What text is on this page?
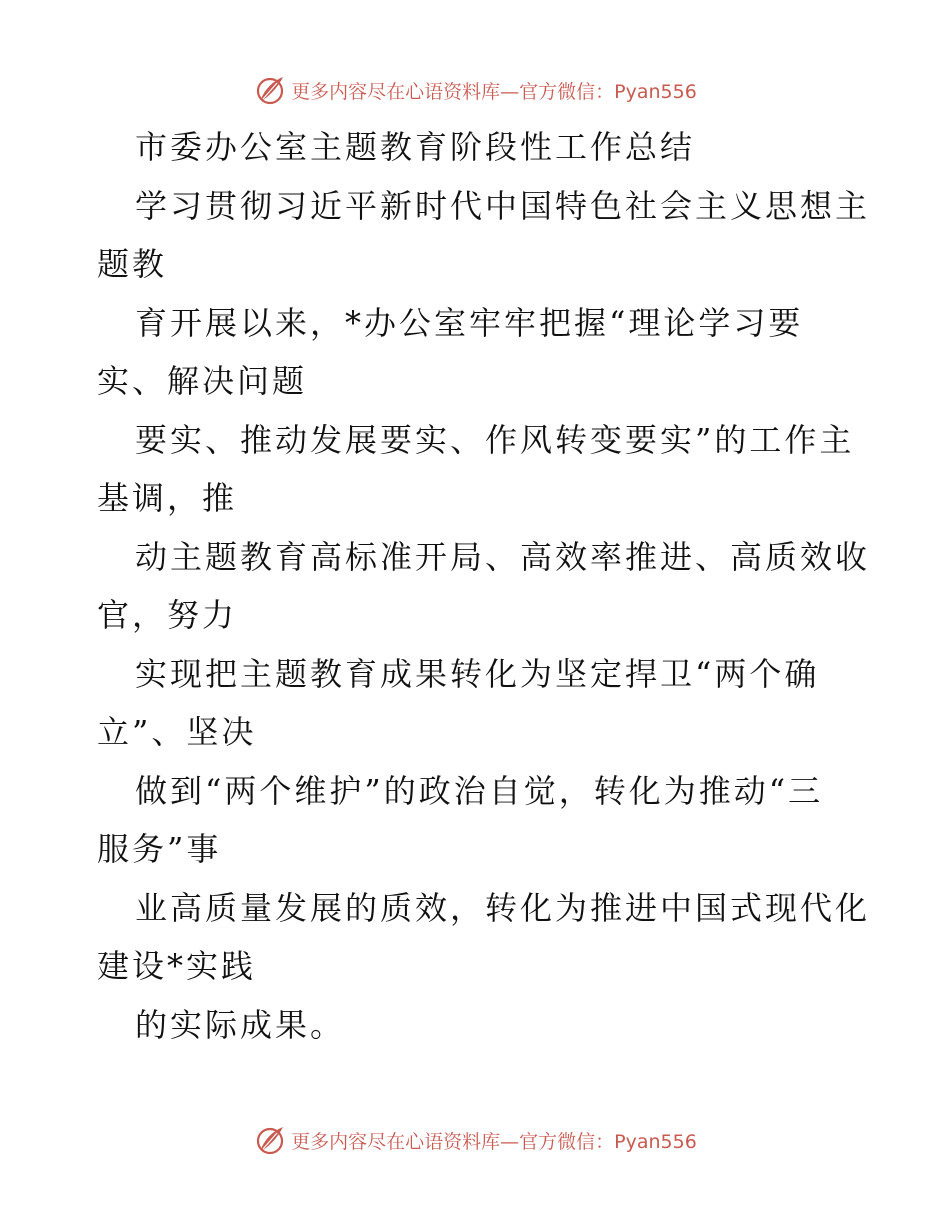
更多内容尽在心语资料库—官方微信：Pyan556
市委办公室主题教育阶段性工作总结
学习贯彻习近平新时代中国特色社会主义思想主
题教
育开展以来，*办公室牢牢把握“理论学习要
实、解决问题
要实、推动发展要实、作风转变要实”的工作主
基调，推
动主题教育高标准开局、高效率推进、高质效收
官，努力
实现把主题教育成果转化为坚定捍卫“两个确
立”、坚决
做到“两个维护”的政治自觉，转化为推动“三
服务”事
业高质量发展的质效，转化为推进中国式现代化
建设*实践
的实际成果。
更多内容尽在心语资料库—官方微信：Pyan556
